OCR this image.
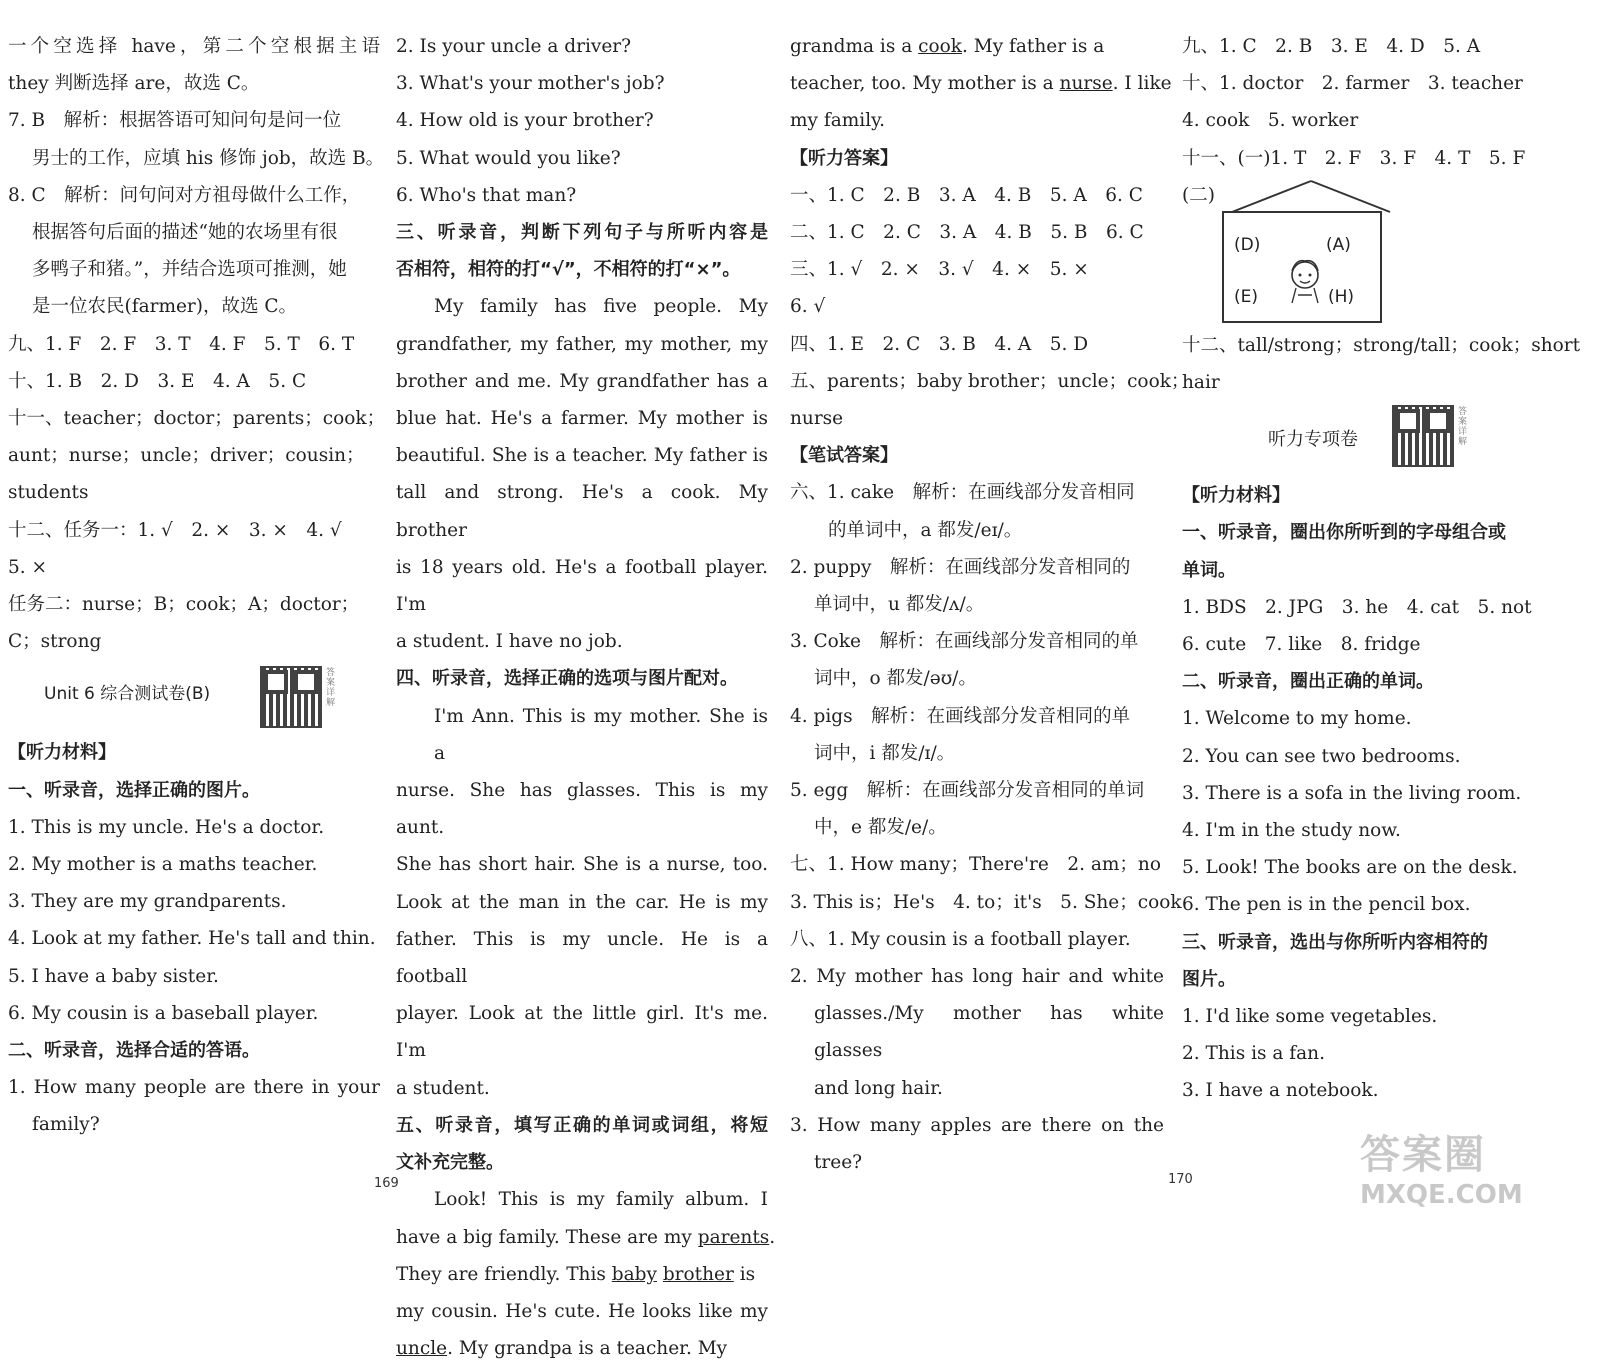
一个空选择 have，第二个空根据主语
they 判断选择 are，故选 C。
7. B　解析：根据答语可知问句是问一位
男士的工作，应填 his 修饰 job，故选 B。
8. C　解析：问句问对方祖母做什么工作，
根据答句后面的描述“她的农场里有很
多鸭子和猪。”，并结合选项可推测，她
是一位农民(farmer)，故选 C。
九、1. F　2. F　3. T　4. F　5. T　6. T
十、1. B　2. D　3. E　4. A　5. C
十一、teacher；doctor；parents；cook；
aunt；nurse；uncle；driver；cousin；
students
十二、任务一：1. √　2. ×　3. ×　4. √
5. ×
任务二：nurse；B；cook；A；doctor；
C；strong
Unit 6 综合测试卷(B)
答案详解
【听力材料】
一、听录音，选择正确的图片。
1. This is my uncle. He's a doctor.
2. My mother is a maths teacher.
3. They are my grandparents.
4. Look at my father. He's tall and thin.
5. I have a baby sister.
6. My cousin is a baseball player.
二、听录音，选择合适的答语。
1. How many people are there in your
family?
2. Is your uncle a driver?
3. What's your mother's job?
4. How old is your brother?
5. What would you like?
6. Who's that man?
三、听录音，判断下列句子与所听内容是
否相符，相符的打“√”，不相符的打“×”。
My family has five people. My
grandfather, my father, my mother, my
brother and me. My grandfather has a
blue hat. He's a farmer. My mother is
beautiful. She is a teacher. My father is
tall and strong. He's a cook. My brother
is 18 years old. He's a football player. I'm
a student. I have no job.
四、听录音，选择正确的选项与图片配对。
I'm Ann. This is my mother. She is a
nurse. She has glasses. This is my aunt.
She has short hair. She is a nurse, too.
Look at the man in the car. He is my
father. This is my uncle. He is a football
player. Look at the little girl. It's me. I'm
a student.
五、听录音，填写正确的单词或词组，将短
文补充完整。
Look! This is my family album. I
have a big family. These are my parents.
They are friendly. This baby brother is
my cousin. He's cute. He looks like my
uncle. My grandpa is a teacher. My
grandma is a cook. My father is a
teacher, too. My mother is a nurse. I like
my family.
【听力答案】
一、1. C　2. B　3. A　4. B　5. A　6. C
二、1. C　2. C　3. A　4. B　5. B　6. C
三、1. √　2. ×　3. √　4. ×　5. ×
6. √
四、1. E　2. C　3. B　4. A　5. D
五、parents；baby brother；uncle；cook；
nurse
【笔试答案】
六、1. cake　解析：在画线部分发音相同
的单词中，a 都发/eɪ/。
2. puppy　解析：在画线部分发音相同的
单词中，u 都发/ʌ/。
3. Coke　解析：在画线部分发音相同的单
词中，o 都发/əʊ/。
4. pigs　解析：在画线部分发音相同的单
词中，i 都发/ɪ/。
5. egg　解析：在画线部分发音相同的单词
中，e 都发/e/。
七、1. How many；There're　2. am；no
3. This is；He's　4. to；it's　5. She；cook
八、1. My cousin is a football player.
2. My mother has long hair and white
glasses./My mother has white glasses
and long hair.
3. How many apples are there on the
tree?
九、1. C　2. B　3. E　4. D　5. A
十、1. doctor　2. farmer　3. teacher
4. cook　5. worker
十一、(一)1. T　2. F　3. F　4. T　5. F
(二)
(D)	(A)
(E)	(H)
十二、tall/strong；strong/tall；cook；short
hair
听力专项卷
答案详解
【听力材料】
一、听录音，圈出你所听到的字母组合或
单词。
1. BDS　2. JPG　3. he　4. cat　5. not
6. cute　7. like　8. fridge
二、听录音，圈出正确的单词。
1. Welcome to my home.
2. You can see two bedrooms.
3. There is a sofa in the living room.
4. I'm in the study now.
5. Look! The books are on the desk.
6. The pen is in the pencil box.
三、听录音，选出与你所听内容相符的
图片。
1. I'd like some vegetables.
2. This is a fan.
3. I have a notebook.
169	170
答案圈
MXQE.COM
